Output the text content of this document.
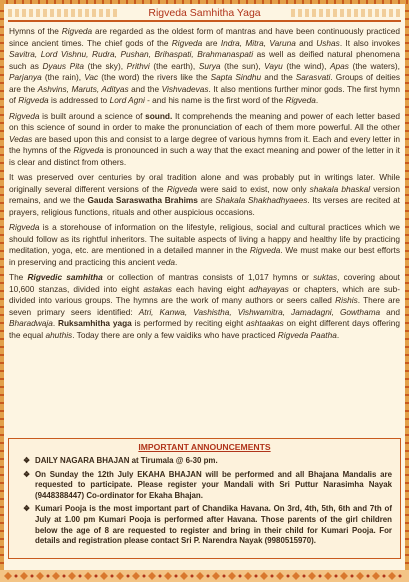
Rigveda Samhitha Yaga

Hymns of the Rigveda are regarded as the oldest form of mantras and have been continuously practiced since ancient times. The chief gods of the Rigveda are Indra, Mitra, Varuna and Ushas. It also invokes Savitra, Lord Vishnu, Rudra, Pushan, Brihaspati, Brahmanaspati as well as deified natural phenomena such as Dyaus Pita (the sky), Prithvi (the earth), Surya (the sun), Vayu (the wind), Apas (the waters), Parjanya (the rain), Vac (the word) the rivers like the Sapta Sindhu and the Sarasvati. Groups of deities are the Ashvins, Maruts, Adityas and the Vishvadevas. It also mentions further minor gods. The first hymn of Rigveda is addressed to Lord Agni - and his name is the first word of the Rigveda.

Rigveda is built around a science of sound. It comprehends the meaning and power of each letter based on this science of sound in order to make the pronunciation of each of them more powerful. All the other Vedas are based upon this and consist to a large degree of various hymns from it. Each and every letter in the hymns of the Rigveda is pronounced in such a way that the exact meaning and power of the letter in it is clear and distinct from others.

It was preserved over centuries by oral tradition alone and was probably put in writings later. While originally several different versions of the Rigveda were said to exist, now only shakala bhaskal version remains, and we the Gauda Saraswatha Brahims are Shakala Shakhadhyaees. Its verses are recited at prayers, religious functions, rituals and other auspicious occasions.

Rigveda is a storehouse of information on the lifestyle, religious, social and cultural practices which we should follow as its rightful inheritors. The suitable aspects of living a happy and healthy life by practicing meditation, yoga, etc. are mentioned in a detailed manner in the Rigveda. We must make our best efforts in preserving and practicing this ancient veda.

The Rigvedic samhitha or collection of mantras consists of 1,017 hymns or suktas, covering about 10,600 stanzas, divided into eight astakas each having eight adhayayas or chapters, which are sub-divided into various groups. The hymns are the work of many authors or seers called Rishis. There are seven primary seers identified: Atri, Kanwa, Vashistha, Vishwamitra, Jamadagni, Gowthama and Bharadwaja. Ruksamhitha yaga is performed by reciting eight ashtaakas on eight different days offering the equal ahuthis. Today there are only a few vaidiks who have practiced Rigveda Paatha.

IMPORTANT ANNOUNCEMENTS
❖ DAILY NAGARA BHAJAN at Tirumala @ 6-30 pm.
❖ On Sunday the 12th July EKAHA BHAJAN will be performed and all Bhajana Mandalis are requested to participate. Please register your Mandali with Sri Puttur Narasimha Nayak (9448388447) Co-ordinator for Ekaha Bhajan.
❖ Kumari Pooja is the most important part of Chandika Havana. On 3rd, 4th, 5th, 6th and 7th of July at 1.00 pm Kumari Pooja is performed after Havana. Those parents of the girl children below the age of 8 are requested to register and bring in their child for Kumari Pooja. For details and registration please contact Sri P. Narendra Nayak (9980515970).
